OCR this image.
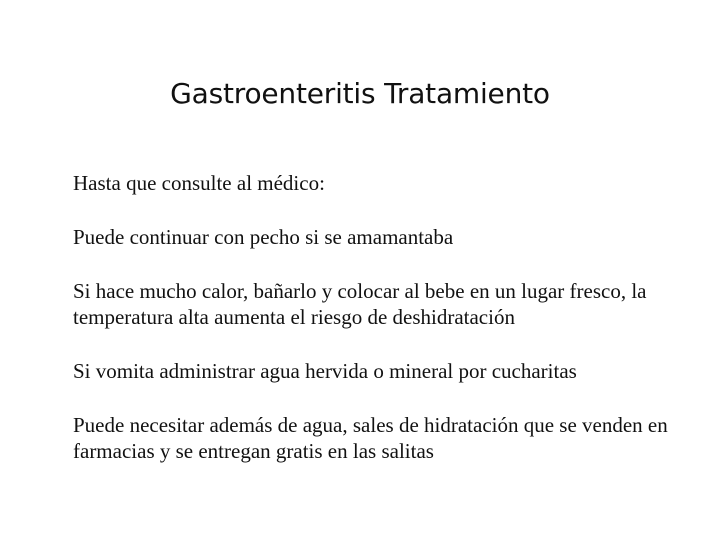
Gastroenteritis Tratamiento

Hasta que consulte al médico:

Puede continuar con pecho si se amamantaba

Si hace mucho calor, bañarlo y colocar al bebe en un lugar fresco, la temperatura alta aumenta el riesgo de deshidratación

Si vomita administrar agua hervida o mineral por cucharitas

Puede necesitar además de agua, sales de hidratación que se venden en farmacias y se entregan gratis en las salitas
